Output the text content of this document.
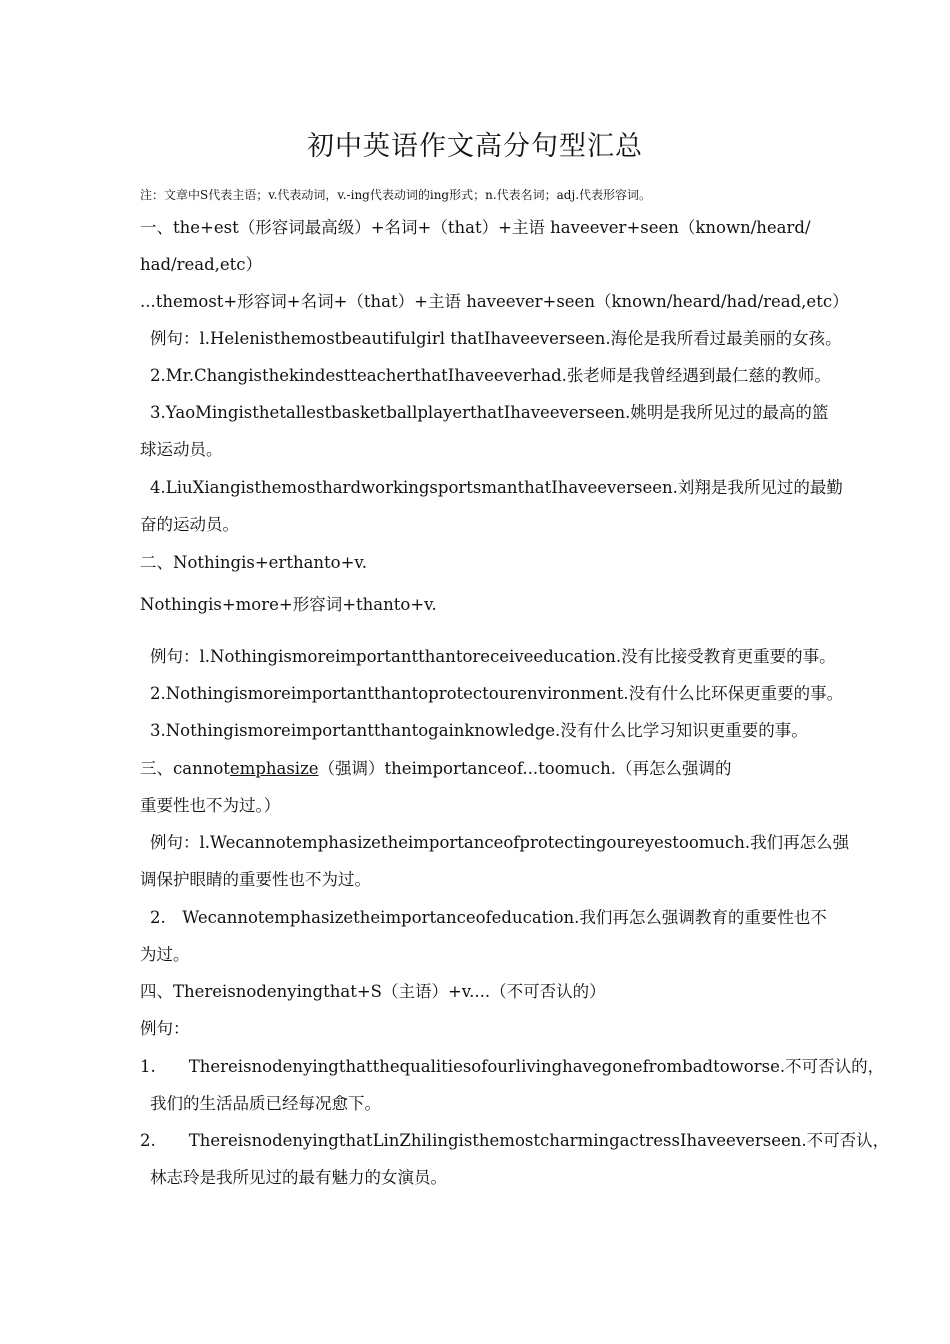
初中英语作文高分句型汇总
注：文章中S代表主语；v.代表动词，v.-ing代表动词的ing形式；n.代表名词；adj.代表形容词。
一、the+est（形容词最高级）+名词+（that）+主语 haveever+seen（known/heard/
had/read,etc）
...themost+形容词+名词+（that）+主语 haveever+seen（known/heard/had/read,etc）
例句：l.Helenisthemostbeautifulgirl thatIhaveeverseen.海伦是我所看过最美丽的女孩。
2.Mr.ChangisthekindestteacherthatIhaveeverhad.张老师是我曾经遇到最仁慈的教师。
3.YaoMingisthetallestbasketballplayerthatIhaveeverseen.姚明是我所见过的最高的篮
球运动员。
4.LiuXiangisthemosthardworkingsportsmanthatIhaveeverseen.刘翔是我所见过的最勤
奋的运动员。
二、Nothingis+erthanto+v.
Nothingis+more+形容词+thanto+v.
例句：l.Nothingismoreimportantthantoreceiveeducation.没有比接受教育更重要的事。
2.Nothingismoreimportantthantoprotectourenvironment.没有什么比环保更重要的事。
3.Nothingismoreimportantthantogainknowledge.没有什么比学习知识更重要的事。
三、cannotemphasize（强调）theimportanceof...toomuch.（再怎么强调的
重要性也不为过。）
例句：l.Wecannotemphasizetheimportanceofprotectingoureyestoomuch.我们再怎么强
调保护眼睛的重要性也不为过。
2.　Wecannotemphasizetheimportanceofeducation.我们再怎么强调教育的重要性也不
为过。
四、Thereisnodenyingthat+S（主语）+v....（不可否认的）
例句：
1.　　Thereisnodenyingthatthequalitiesofourlivinghavegonefrombadtoworse.不可否认的，
我们的生活品质已经每况愈下。
2.　　ThereisnodenyingthatLinZhilingisthemostcharmingactressIhaveeverseen.不可否认，
林志玲是我所见过的最有魅力的女演员。
